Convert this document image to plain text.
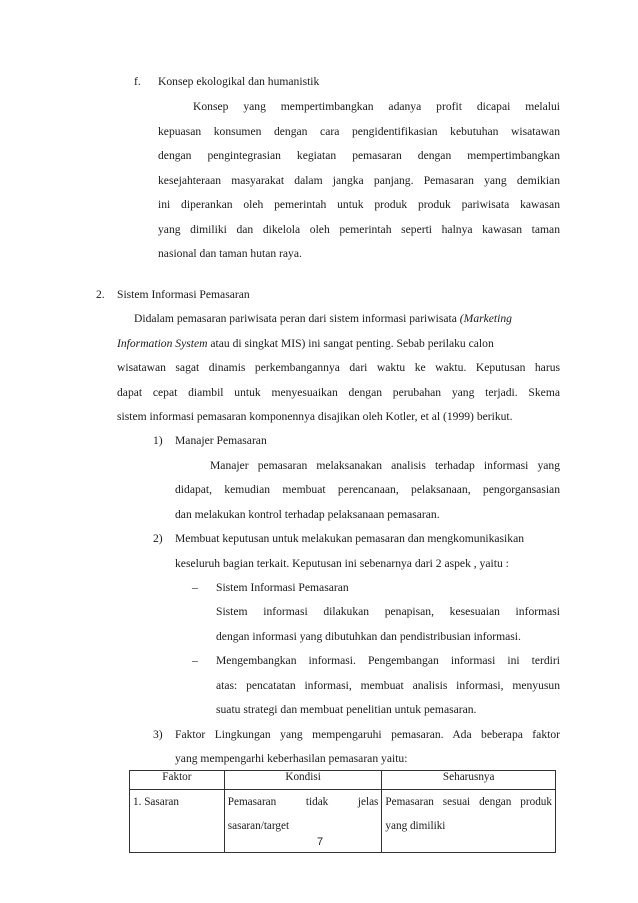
f. Konsep ekologikal dan humanistik
Konsep yang mempertimbangkan adanya profit dicapai melalui
kepuasan konsumen dengan cara pengidentifikasian kebutuhan wisatawan
dengan pengintegrasian kegiatan pemasaran dengan mempertimbangkan
kesejahteraan masyarakat dalam jangka panjang. Pemasaran yang demikian
ini diperankan oleh pemerintah untuk produk produk pariwisata kawasan
yang dimiliki dan dikelola oleh pemerintah seperti halnya kawasan taman
nasional dan taman hutan raya.
2. Sistem Informasi Pemasaran
Didalam pemasaran pariwisata peran dari sistem informasi pariwisata (Marketing
Information System atau di singkat MIS) ini sangat penting. Sebab perilaku calon
wisatawan sagat dinamis perkembangannya dari waktu ke waktu. Keputusan harus
dapat cepat diambil untuk menyesuaikan dengan perubahan yang terjadi. Skema
sistem informasi pemasaran komponennya disajikan oleh Kotler, et al (1999) berikut.
1) Manajer Pemasaran
Manajer pemasaran melaksanakan analisis terhadap informasi yang
didapat, kemudian membuat perencanaan, pelaksanaan, pengorgansasian
dan melakukan kontrol terhadap pelaksanaan pemasaran.
2) Membuat keputusan untuk melakukan pemasaran dan mengkomunikasikan
keseluruh bagian terkait. Keputusan ini sebenarnya dari 2 aspek , yaitu :
– Sistem Informasi Pemasaran
Sistem informasi dilakukan penapisan, kesesuaian informasi
dengan informasi yang dibutuhkan dan pendistribusian informasi.
– Mengembangkan informasi. Pengembangan informasi ini terdiri
atas: pencatatan informasi, membuat analisis informasi, menyusun
suatu strategi dan membuat penelitian untuk pemasaran.
3) Faktor Lingkungan yang mempengaruhi pemasaran. Ada beberapa faktor
yang mempengarhi keberhasilan pemasaran yaitu:
Faktor	Kondisi	Seharusnya
1. Sasaran	Pemasaran tidak jelas sasaran/target	Pemasaran sesuai dengan produk yang dimiliki
7
